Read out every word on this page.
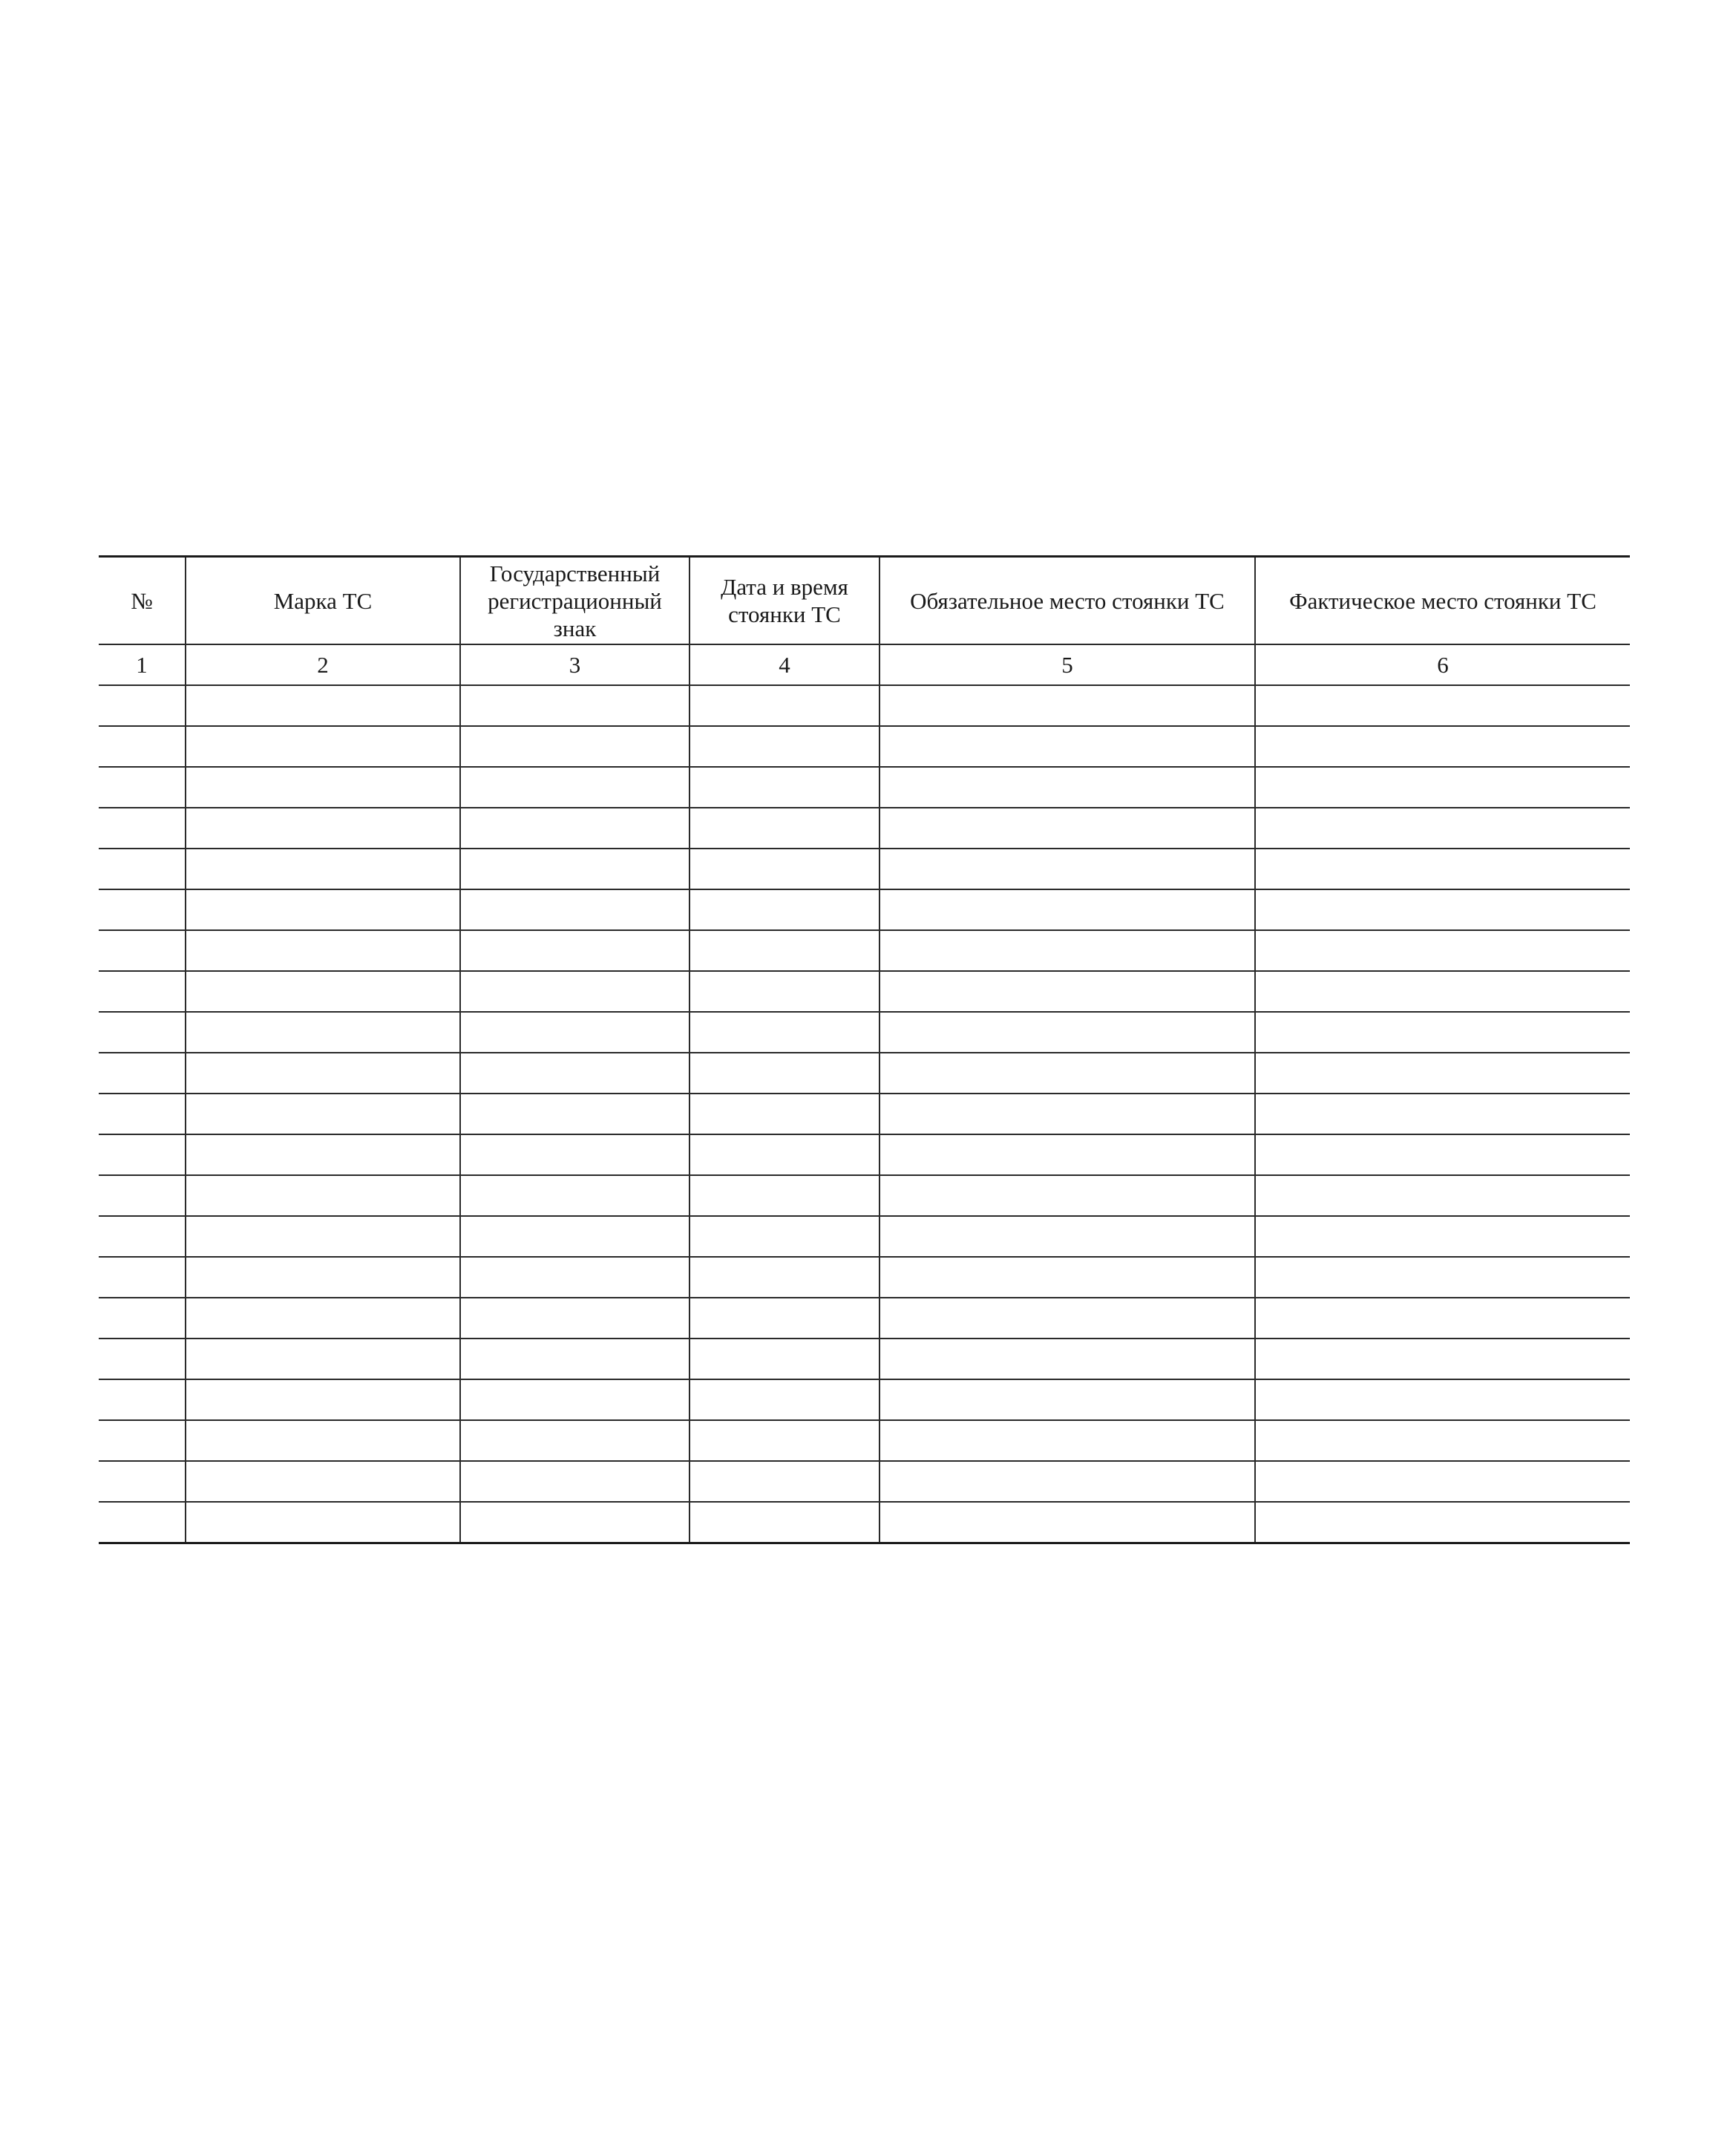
№	Марка ТС	Государственный регистрационный знак	Дата и время стоянки ТС	Обязательное место стоянки ТС	Фактическое место стоянки ТС
1	2	3	4	5	6
